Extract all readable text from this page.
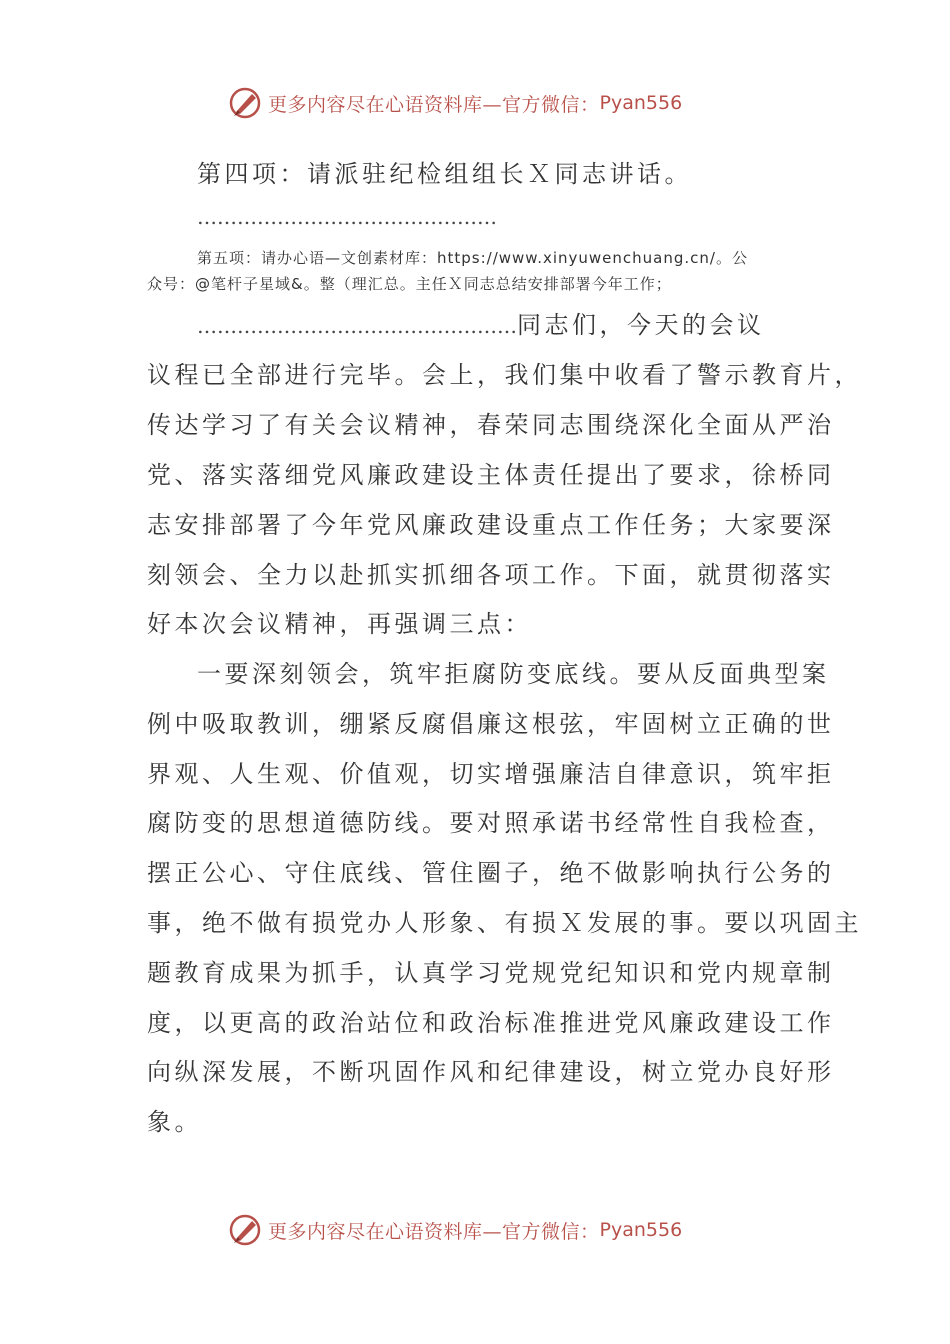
更多内容尽在心语资料库—官方微信： Pyan556
第四项：请派驻纪检组组长Ｘ同志讲话。
………………………………………
第五项：请办心语—文创素材库：https://www.xinyuwenchuang.cn/。公
众号：@笔杆子星域&。整（理汇总。主任Ｘ同志总结安排部署今年工作；
…………………………………………同志们，今天的会议
议程已全部进行完毕。会上，我们集中收看了警示教育片，
传达学习了有关会议精神，春荣同志围绕深化全面从严治
党、落实落细党风廉政建设主体责任提出了要求，徐桥同
志安排部署了今年党风廉政建设重点工作任务；大家要深
刻领会、全力以赴抓实抓细各项工作。下面，就贯彻落实
好本次会议精神，再强调三点：
一要深刻领会，筑牢拒腐防变底线。要从反面典型案
例中吸取教训，绷紧反腐倡廉这根弦，牢固树立正确的世
界观、人生观、价值观，切实增强廉洁自律意识，筑牢拒
腐防变的思想道德防线。要对照承诺书经常性自我检查，
摆正公心、守住底线、管住圈子，绝不做影响执行公务的
事，绝不做有损党办人形象、有损Ｘ发展的事。要以巩固主
题教育成果为抓手，认真学习党规党纪知识和党内规章制
度，以更高的政治站位和政治标准推进党风廉政建设工作
向纵深发展，不断巩固作风和纪律建设，树立党办良好形
象。
更多内容尽在心语资料库—官方微信： Pyan556
